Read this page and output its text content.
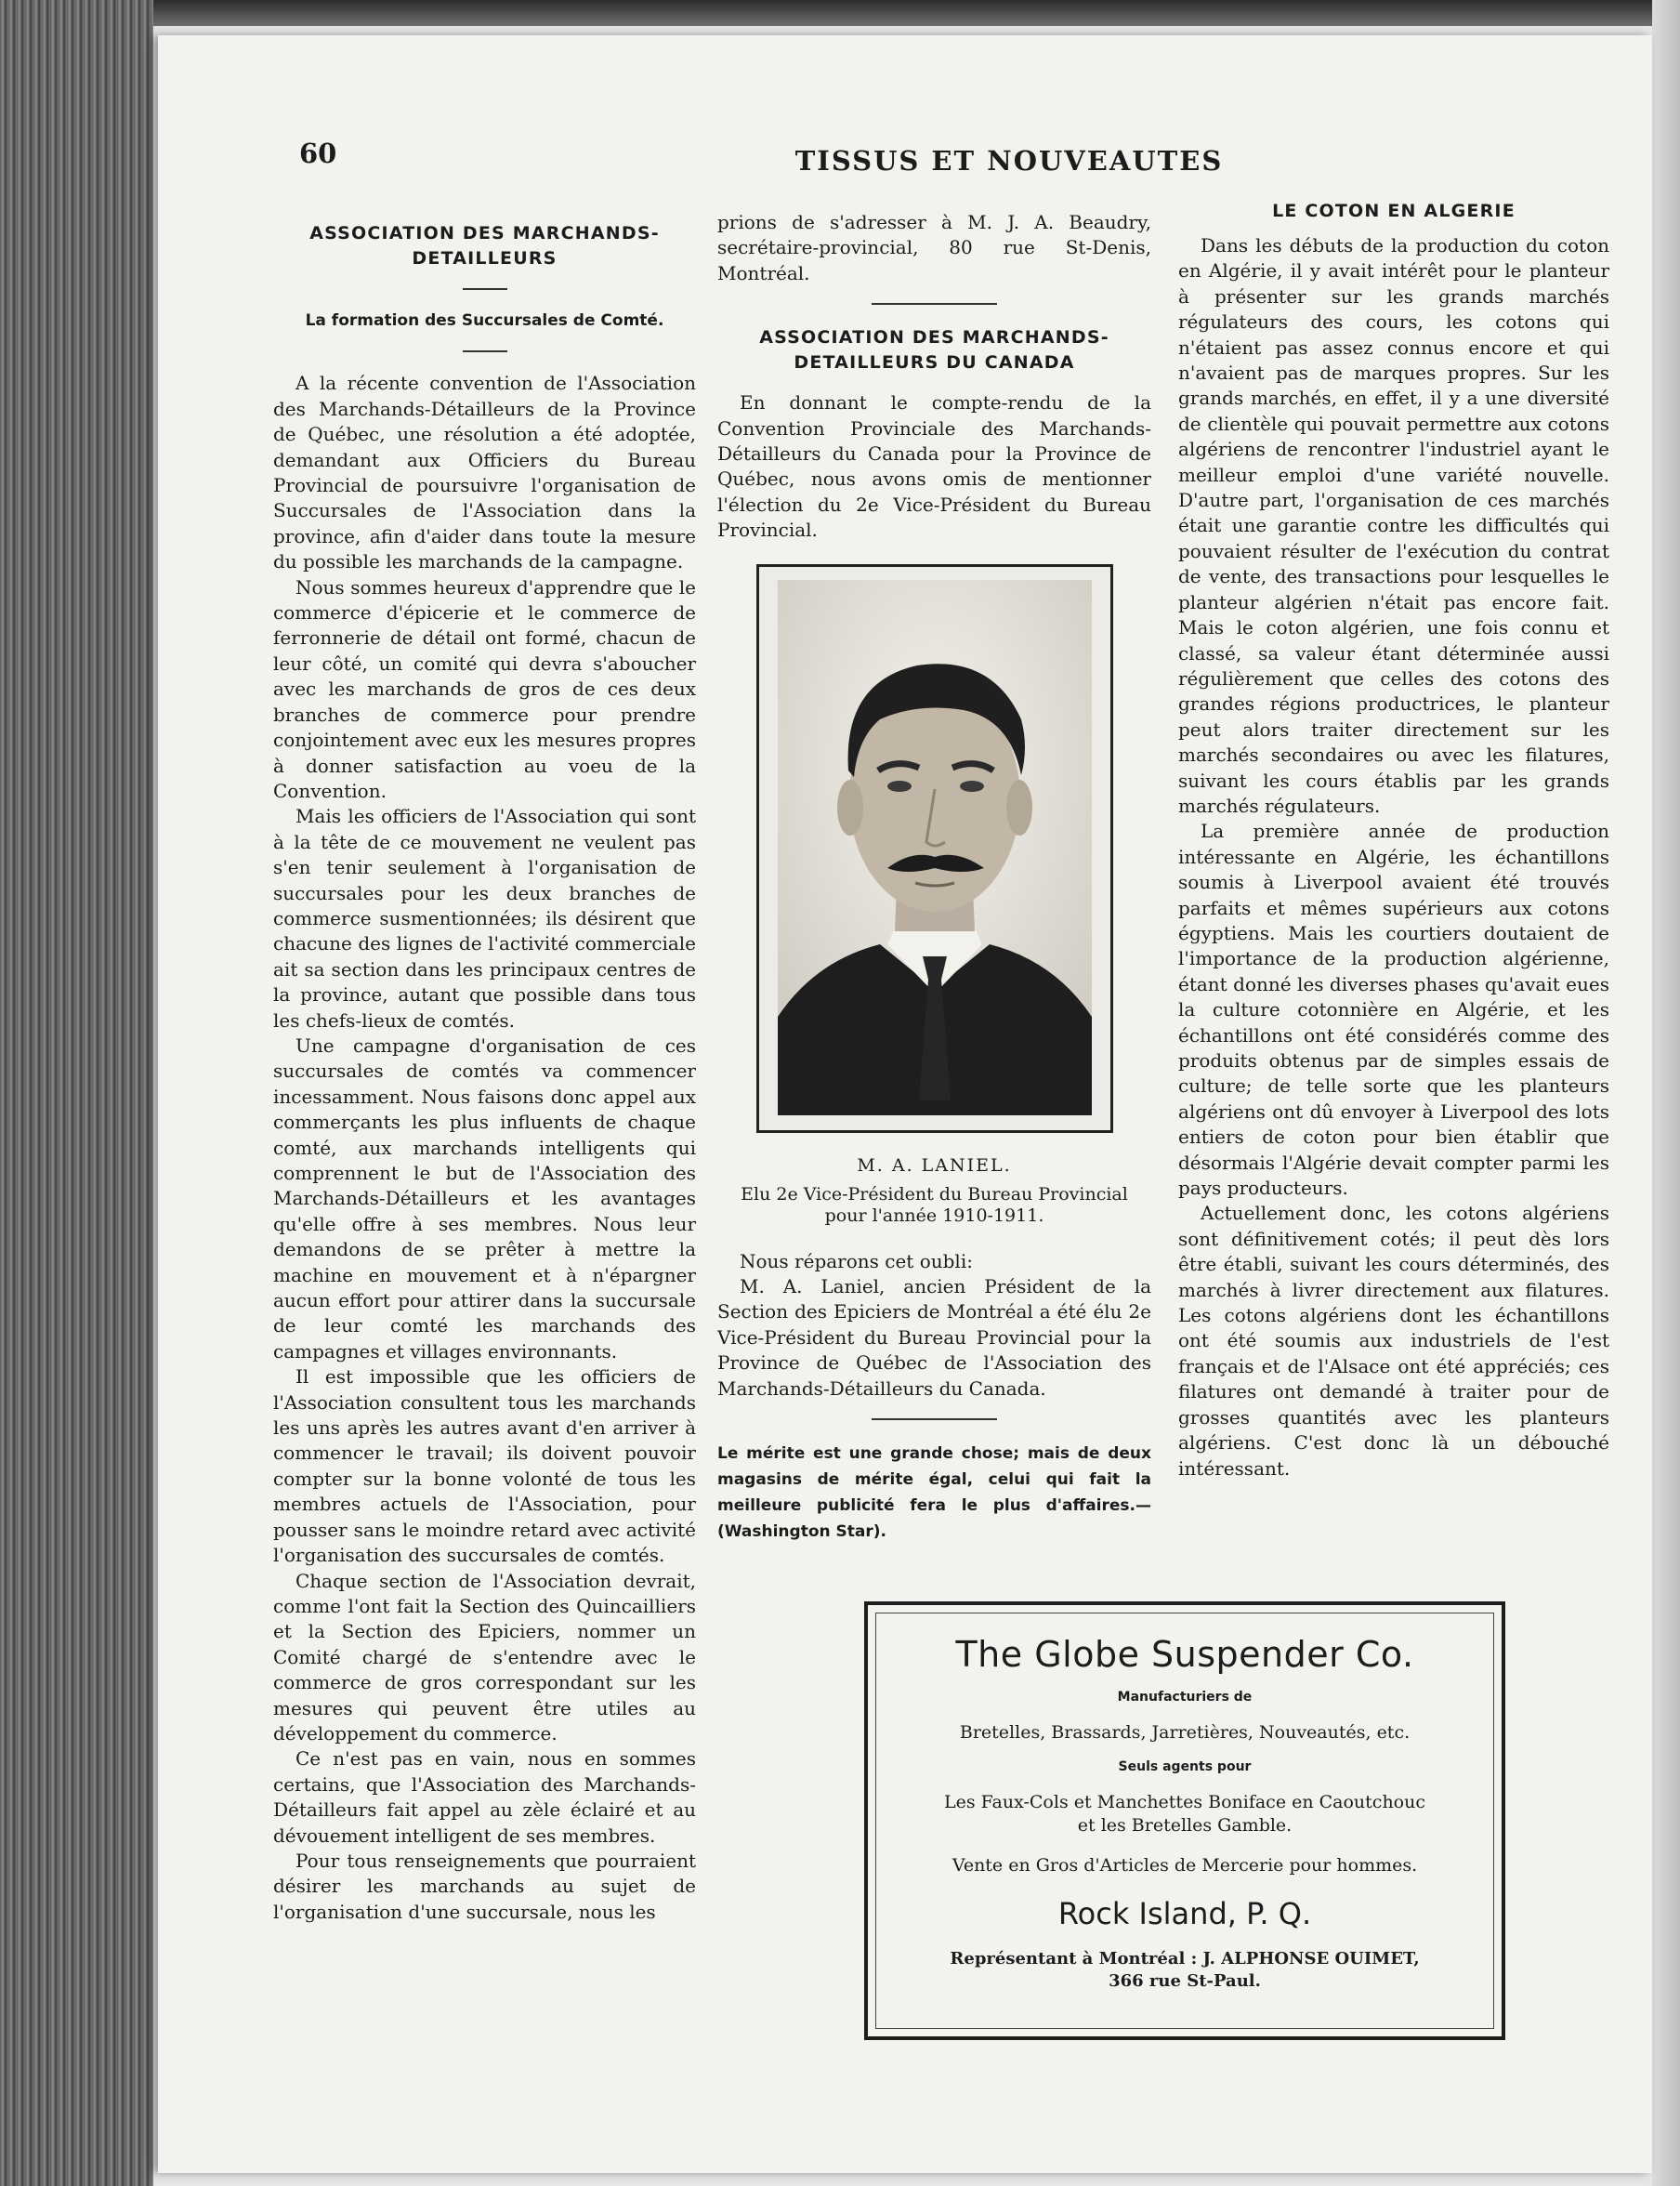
60	TISSUS ET NOUVEAUTES
ASSOCIATION DES MARCHANDS-DETAILLEURS
La formation des Succursales de Comté.

A la récente convention de l'Association des Marchands-Détailleurs de la Province de Québec, une résolution a été adoptée, demandant aux Officiers du Bureau Provincial de poursuivre l'organisation de Succursales de l'Association dans la province, afin d'aider dans toute la mesure du possible les marchands de la campagne.

Nous sommes heureux d'apprendre que le commerce d'épicerie et le commerce de ferronnerie de détail ont formé, chacun de leur côté, un comité qui devra s'aboucher avec les marchands de gros de ces deux branches de commerce pour prendre conjointement avec eux les mesures propres à donner satisfaction au voeu de la Convention.

Mais les officiers de l'Association qui sont à la tête de ce mouvement ne veulent pas s'en tenir seulement à l'organisation de succursales pour les deux branches de commerce susmentionnées; ils désirent que chacune des lignes de l'activité commerciale ait sa section dans les principaux centres de la province, autant que possible dans tous les chefs-lieux de comtés.

Une campagne d'organisation de ces succursales de comtés va commencer incessamment. Nous faisons donc appel aux commerçants les plus influents de chaque comté, aux marchands intelligents qui comprennent le but de l'Association des Marchands-Détailleurs et les avantages qu'elle offre à ses membres. Nous leur demandons de se prêter à mettre la machine en mouvement et à n'épargner aucun effort pour attirer dans la succursale de leur comté les marchands des campagnes et villages environnants.

Il est impossible que les officiers de l'Association consultent tous les marchands les uns après les autres avant d'en arriver à commencer le travail; ils doivent pouvoir compter sur la bonne volonté de tous les membres actuels de l'Association, pour pousser sans le moindre retard avec activité l'organisation des succursales de comtés.

Chaque section de l'Association devrait, comme l'ont fait la Section des Quincailliers et la Section des Epiciers, nommer un Comité chargé de s'entendre avec le commerce de gros correspondant sur les mesures qui peuvent être utiles au développement du commerce.

Ce n'est pas en vain, nous en sommes certains, que l'Association des Marchands-Détailleurs fait appel au zèle éclairé et au dévouement intelligent de ses membres.

Pour tous renseignements que pourraient désirer les marchands au sujet de l'organisation d'une succursale, nous les

prions de s'adresser à M. J. A. Beaudry, secrétaire-provincial, 80 rue St-Denis, Montréal.

ASSOCIATION DES MARCHANDS-DETAILLEURS DU CANADA

En donnant le compte-rendu de la Convention Provinciale des Marchands-Détailleurs du Canada pour la Province de Québec, nous avons omis de mentionner l'élection du 2e Vice-Président du Bureau Provincial.

M. A. LANIEL.
Elu 2e Vice-Président du Bureau Provincial pour l'année 1910-1911.

Nous réparons cet oubli:

M. A. Laniel, ancien Président de la Section des Epiciers de Montréal a été élu 2e Vice-Président du Bureau Provincial pour la Province de Québec de l'Association des Marchands-Détailleurs du Canada.

Le mérite est une grande chose; mais de deux magasins de mérite égal, celui qui fait la meilleure publicité fera le plus d'affaires.—(Washington Star).
LE COTON EN ALGERIE

Dans les débuts de la production du coton en Algérie, il y avait intérêt pour le planteur à présenter sur les grands marchés régulateurs des cours, les cotons qui n'étaient pas assez connus encore et qui n'avaient pas de marques propres. Sur les grands marchés, en effet, il y a une diversité de clientèle qui pouvait permettre aux cotons algériens de rencontrer l'industriel ayant le meilleur emploi d'une variété nouvelle. D'autre part, l'organisation de ces marchés était une garantie contre les difficultés qui pouvaient résulter de l'exécution du contrat de vente, des transactions pour lesquelles le planteur algérien n'était pas encore fait. Mais le coton algérien, une fois connu et classé, sa valeur étant déterminée aussi régulièrement que celles des cotons des grandes régions productrices, le planteur peut alors traiter directement sur les marchés secondaires ou avec les filatures, suivant les cours établis par les grands marchés régulateurs.

La première année de production intéressante en Algérie, les échantillons soumis à Liverpool avaient été trouvés parfaits et mêmes supérieurs aux cotons égyptiens. Mais les courtiers doutaient de l'importance de la production algérienne, étant donné les diverses phases qu'avait eues la culture cotonnière en Algérie, et les échantillons ont été considérés comme des produits obtenus par de simples essais de culture; de telle sorte que les planteurs algériens ont dû envoyer à Liverpool des lots entiers de coton pour bien établir que désormais l'Algérie devait compter parmi les pays producteurs.

Actuellement donc, les cotons algériens sont définitivement cotés; il peut dès lors être établi, suivant les cours déterminés, des marchés à livrer directement aux filatures. Les cotons algériens dont les échantillons ont été soumis aux industriels de l'est français et de l'Alsace ont été appréciés; ces filatures ont demandé à traiter pour de grosses quantités avec les planteurs algériens. C'est donc là un débouché intéressant.

The Globe Suspender Co.
Manufacturiers de
Bretelles, Brassards, Jarretières, Nouveautés, etc.
Seuls agents pour
Les Faux-Cols et Manchettes Boniface en Caoutchouc
et les Bretelles Gamble.
Vente en Gros d'Articles de Mercerie pour hommes.
Rock Island, P. Q.
Représentant à Montréal : J. ALPHONSE OUIMET,
366 rue St-Paul.
